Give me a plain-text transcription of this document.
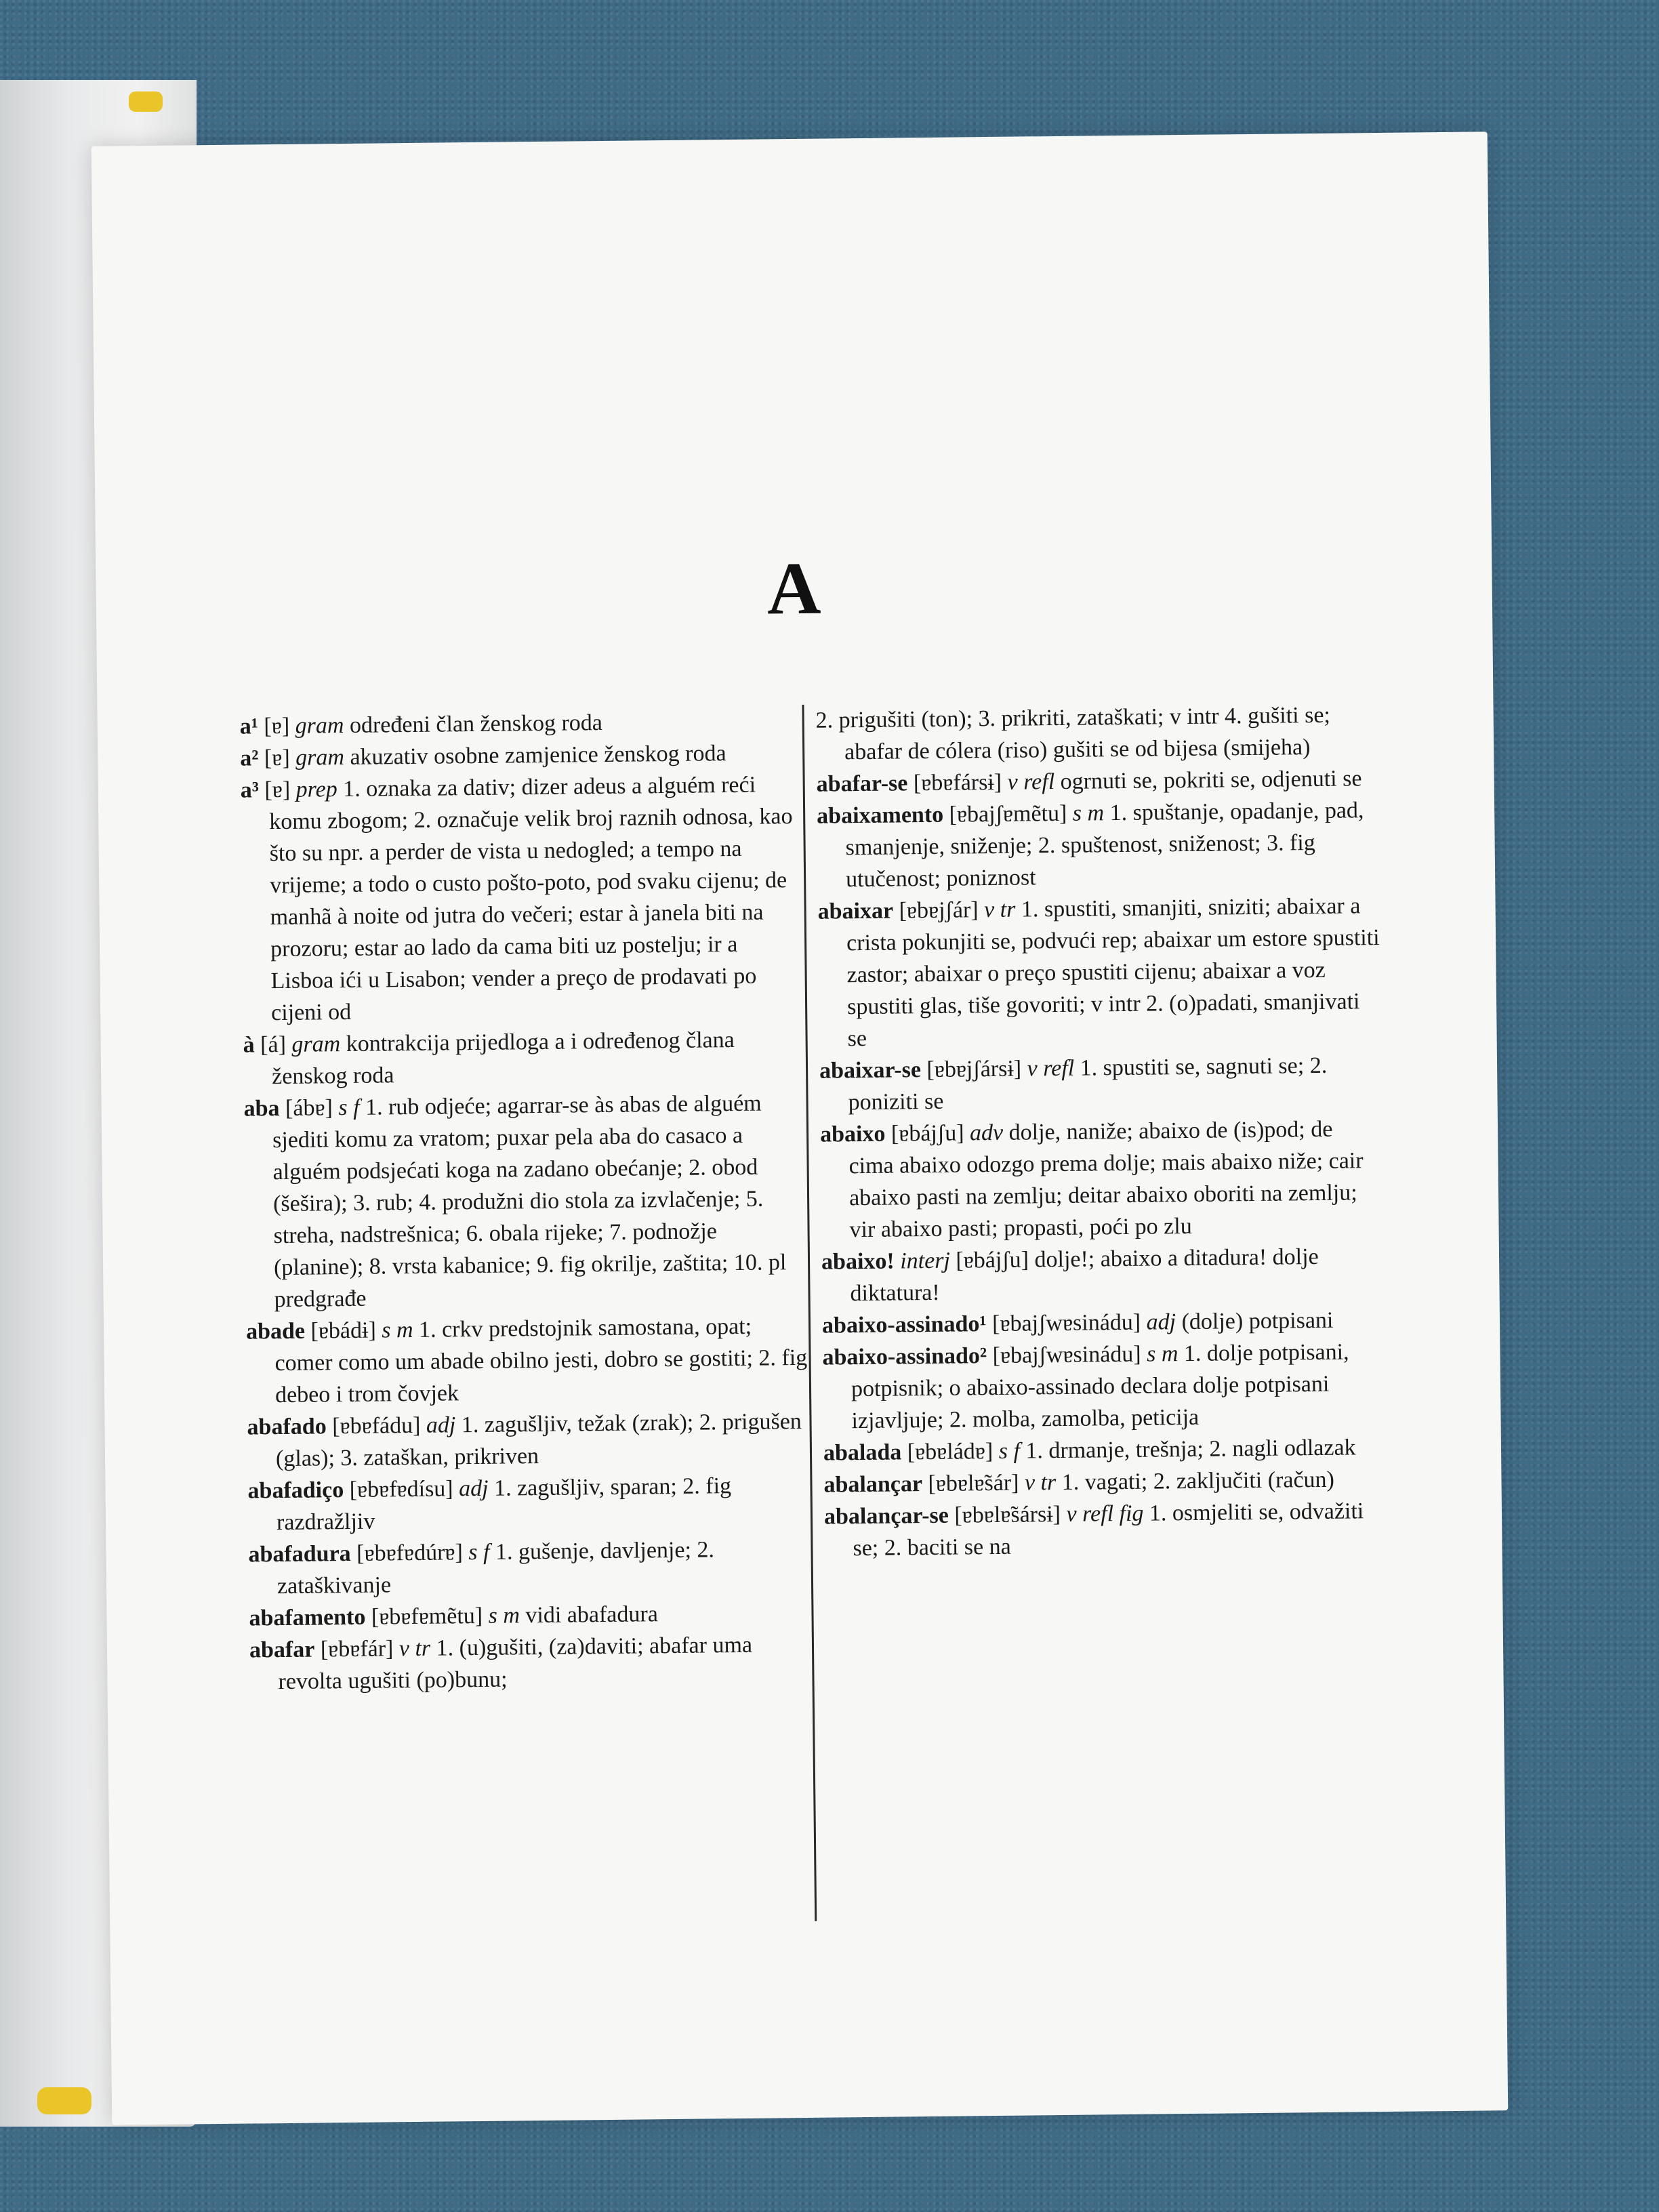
A

a¹ [ɐ] gram određeni član ženskog roda

a² [ɐ] gram akuzativ osobne zamjenice ženskog roda

a³ [ɐ] prep 1. oznaka za dativ; dizer adeus a alguém reći komu zbogom; 2. označuje velik broj raznih odnosa, kao što su npr. a perder de vista u nedogled; a tempo na vrijeme; a todo o custo pošto-poto, pod svaku cijenu; de manhã à noite od jutra do večeri; estar à janela biti na prozoru; estar ao lado da cama biti uz postelju; ir a Lisboa ići u Lisabon; vender a preço de prodavati po cijeni od

à [á] gram kontrakcija prijedloga a i određenog člana ženskog roda

aba [ábɐ] s f 1. rub odjeće; agarrar-se às abas de alguém sjediti komu za vratom; puxar pela aba do casaco a alguém podsjećati koga na zadano obećanje; 2. obod (šešira); 3. rub; 4. produžni dio stola za izvlačenje; 5. streha, nadstrešnica; 6. obala rijeke; 7. podnožje (planine); 8. vrsta kabanice; 9. fig okrilje, zaštita; 10. pl predgrađe

abade [ɐbádɨ] s m 1. crkv predstojnik samostana, opat; comer como um abade obilno jesti, dobro se gostiti; 2. fig debeo i trom čovjek

abafado [ɐbɐfádu] adj 1. zagušljiv, težak (zrak); 2. prigušen (glas); 3. zataškan, prikriven

abafadiço [ɐbɐfɐdísu] adj 1. zagušljiv, sparan; 2. fig razdražljiv

abafadura [ɐbɐfɐdúrɐ] s f 1. gušenje, davljenje; 2. zataškivanje

abafamento [ɐbɐfɐmẽtu] s m vidi abafadura

abafar [ɐbɐfár] v tr 1. (u)gušiti, (za)daviti; abafar uma revolta ugušiti (po)bunu;

2. prigušiti (ton); 3. prikriti, zataškati; v intr 4. gušiti se; abafar de cólera (riso) gušiti se od bijesa (smijeha)

abafar-se [ɐbɐfársɨ] v refl ogrnuti se, pokriti se, odjenuti se

abaixamento [ɐbajʃɐmẽtu] s m 1. spuštanje, opadanje, pad, smanjenje, sniženje; 2. spuštenost, sniženost; 3. fig utučenost; poniznost

abaixar [ɐbɐjʃár] v tr 1. spustiti, smanjiti, sniziti; abaixar a crista pokunjiti se, podvući rep; abaixar um estore spustiti zastor; abaixar o preço spustiti cijenu; abaixar a voz spustiti glas, tiše govoriti; v intr 2. (o)padati, smanjivati se

abaixar-se [ɐbɐjʃársɨ] v refl 1. spustiti se, sagnuti se; 2. poniziti se

abaixo [ɐbájʃu] adv dolje, naniže; abaixo de (is)pod; de cima abaixo odozgo prema dolje; mais abaixo niže; cair abaixo pasti na zemlju; deitar abaixo oboriti na zemlju; vir abaixo pasti; propasti, poći po zlu

abaixo! interj [ɐbájʃu] dolje!; abaixo a ditadura! dolje diktatura!

abaixo-assinado¹ [ɐbajʃwɐsinádu] adj (dolje) potpisani

abaixo-assinado² [ɐbajʃwɐsinádu] s m 1. dolje potpisani, potpisnik; o abaixo-assinado declara dolje potpisani izjavljuje; 2. molba, zamolba, peticija

abalada [ɐbɐládɐ] s f 1. drmanje, trešnja; 2. nagli odlazak

abalançar [ɐbɐlɐ̃sár] v tr 1. vagati; 2. zaključiti (račun)

abalançar-se [ɐbɐlɐ̃sársɨ] v refl fig 1. osmjeliti se, odvažiti se; 2. baciti se na
